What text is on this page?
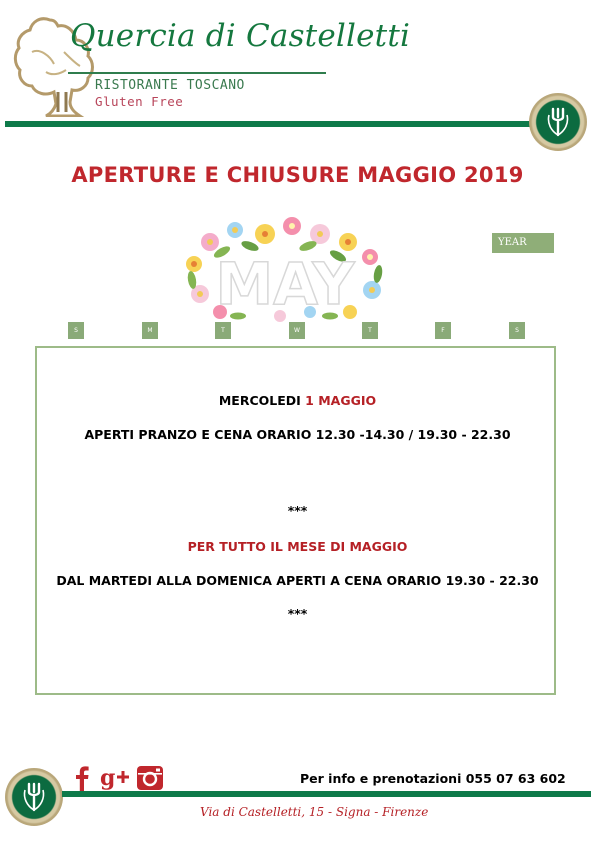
Quercia di Castelletti
RISTORANTE TOSCANO
Gluten Free
APERTURE E CHIUSURE MAGGIO 2019
MAY
YEAR
S	M	T	W	T	F	S
MERCOLEDI 1 MAGGIO
APERTI PRANZO E CENA ORARIO 12.30 -14.30 / 19.30 - 22.30
***
PER TUTTO IL MESE DI MAGGIO
DAL MARTEDI ALLA DOMENICA APERTI A CENA ORARIO 19.30 - 22.30
***
g	Per info e prenotazioni 055 07 63 602
Via di Castelletti, 15 - Signa - Firenze
